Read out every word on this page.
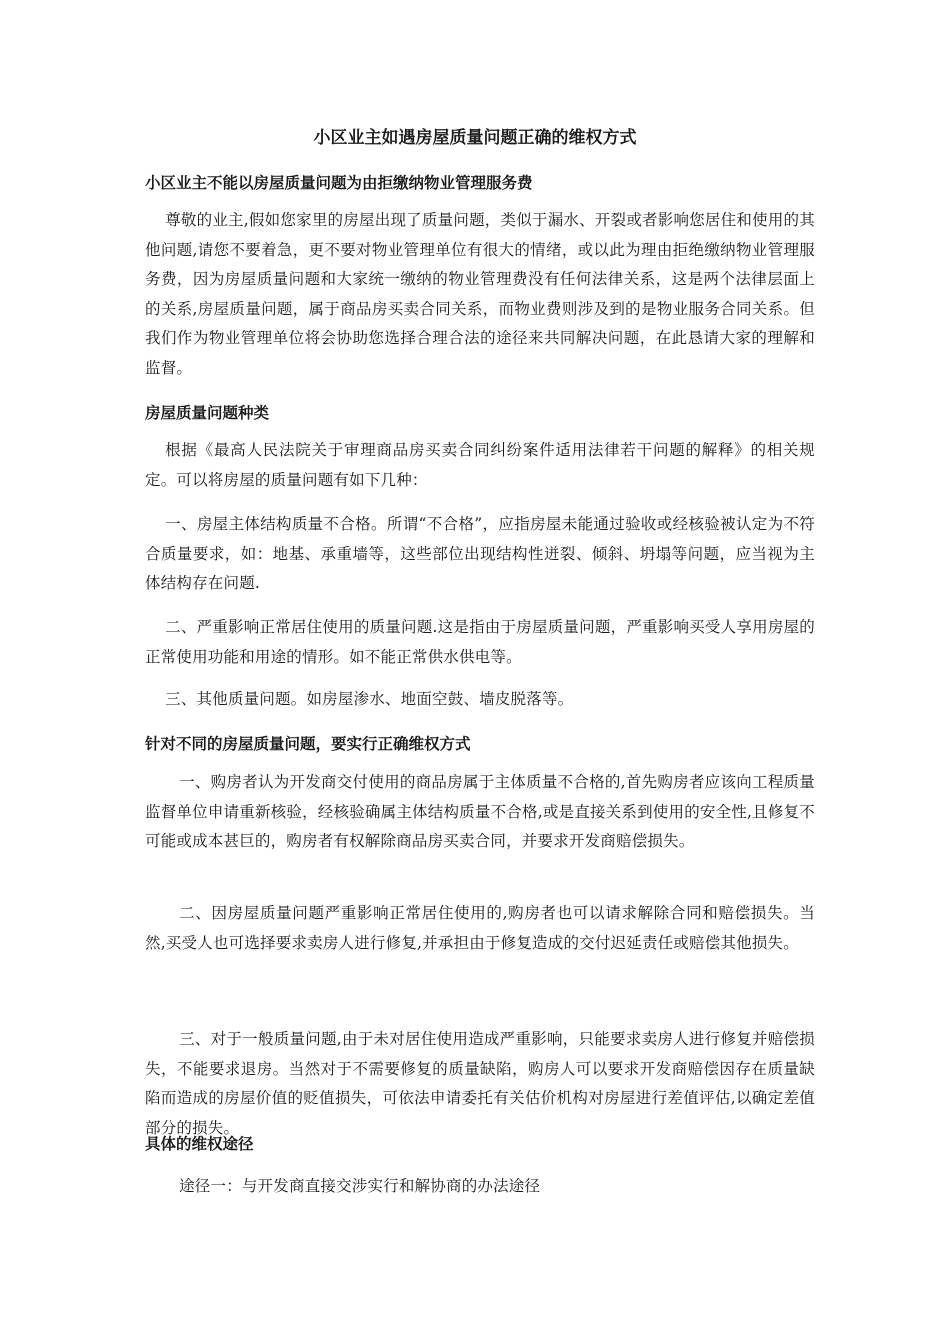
小区业主如遇房屋质量问题正确的维权方式
小区业主不能以房屋质量问题为由拒缴纳物业管理服务费
尊敬的业主,假如您家里的房屋出现了质量问题，类似于漏水、开裂或者影响您居住和使用的其他问题,请您不要着急，更不要对物业管理单位有很大的情绪，或以此为理由拒绝缴纳物业管理服务费，因为房屋质量问题和大家统一缴纳的物业管理费没有任何法律关系，这是两个法律层面上的关系,房屋质量问题，属于商品房买卖合同关系，而物业费则涉及到的是物业服务合同关系。但我们作为物业管理单位将会协助您选择合理合法的途径来共同解决问题，在此恳请大家的理解和监督。
房屋质量问题种类
根据《最高人民法院关于审理商品房买卖合同纠纷案件适用法律若干问题的解释》的相关规定。可以将房屋的质量问题有如下几种：
一、房屋主体结构质量不合格。所谓“不合格”，应指房屋未能通过验收或经核验被认定为不符合质量要求，如：地基、承重墙等，这些部位出现结构性迸裂、倾斜、坍塌等问题，应当视为主体结构存在问题.
二、严重影响正常居住使用的质量问题.这是指由于房屋质量问题，严重影响买受人享用房屋的正常使用功能和用途的情形。如不能正常供水供电等。
三、其他质量问题。如房屋渗水、地面空鼓、墙皮脱落等。
针对不同的房屋质量问题，要实行正确维权方式
一、购房者认为开发商交付使用的商品房属于主体质量不合格的,首先购房者应该向工程质量监督单位申请重新核验，经核验确属主体结构质量不合格,或是直接关系到使用的安全性,且修复不可能或成本甚巨的，购房者有权解除商品房买卖合同，并要求开发商赔偿损失。
二、因房屋质量问题严重影响正常居住使用的,购房者也可以请求解除合同和赔偿损失。当然,买受人也可选择要求卖房人进行修复,并承担由于修复造成的交付迟延责任或赔偿其他损失。
三、对于一般质量问题,由于未对居住使用造成严重影响，只能要求卖房人进行修复并赔偿损失，不能要求退房。当然对于不需要修复的质量缺陷，购房人可以要求开发商赔偿因存在质量缺陷而造成的房屋价值的贬值损失，可依法申请委托有关估价机构对房屋进行差值评估,以确定差值部分的损失。
具体的维权途径
途径一：与开发商直接交涉实行和解协商的办法途径
